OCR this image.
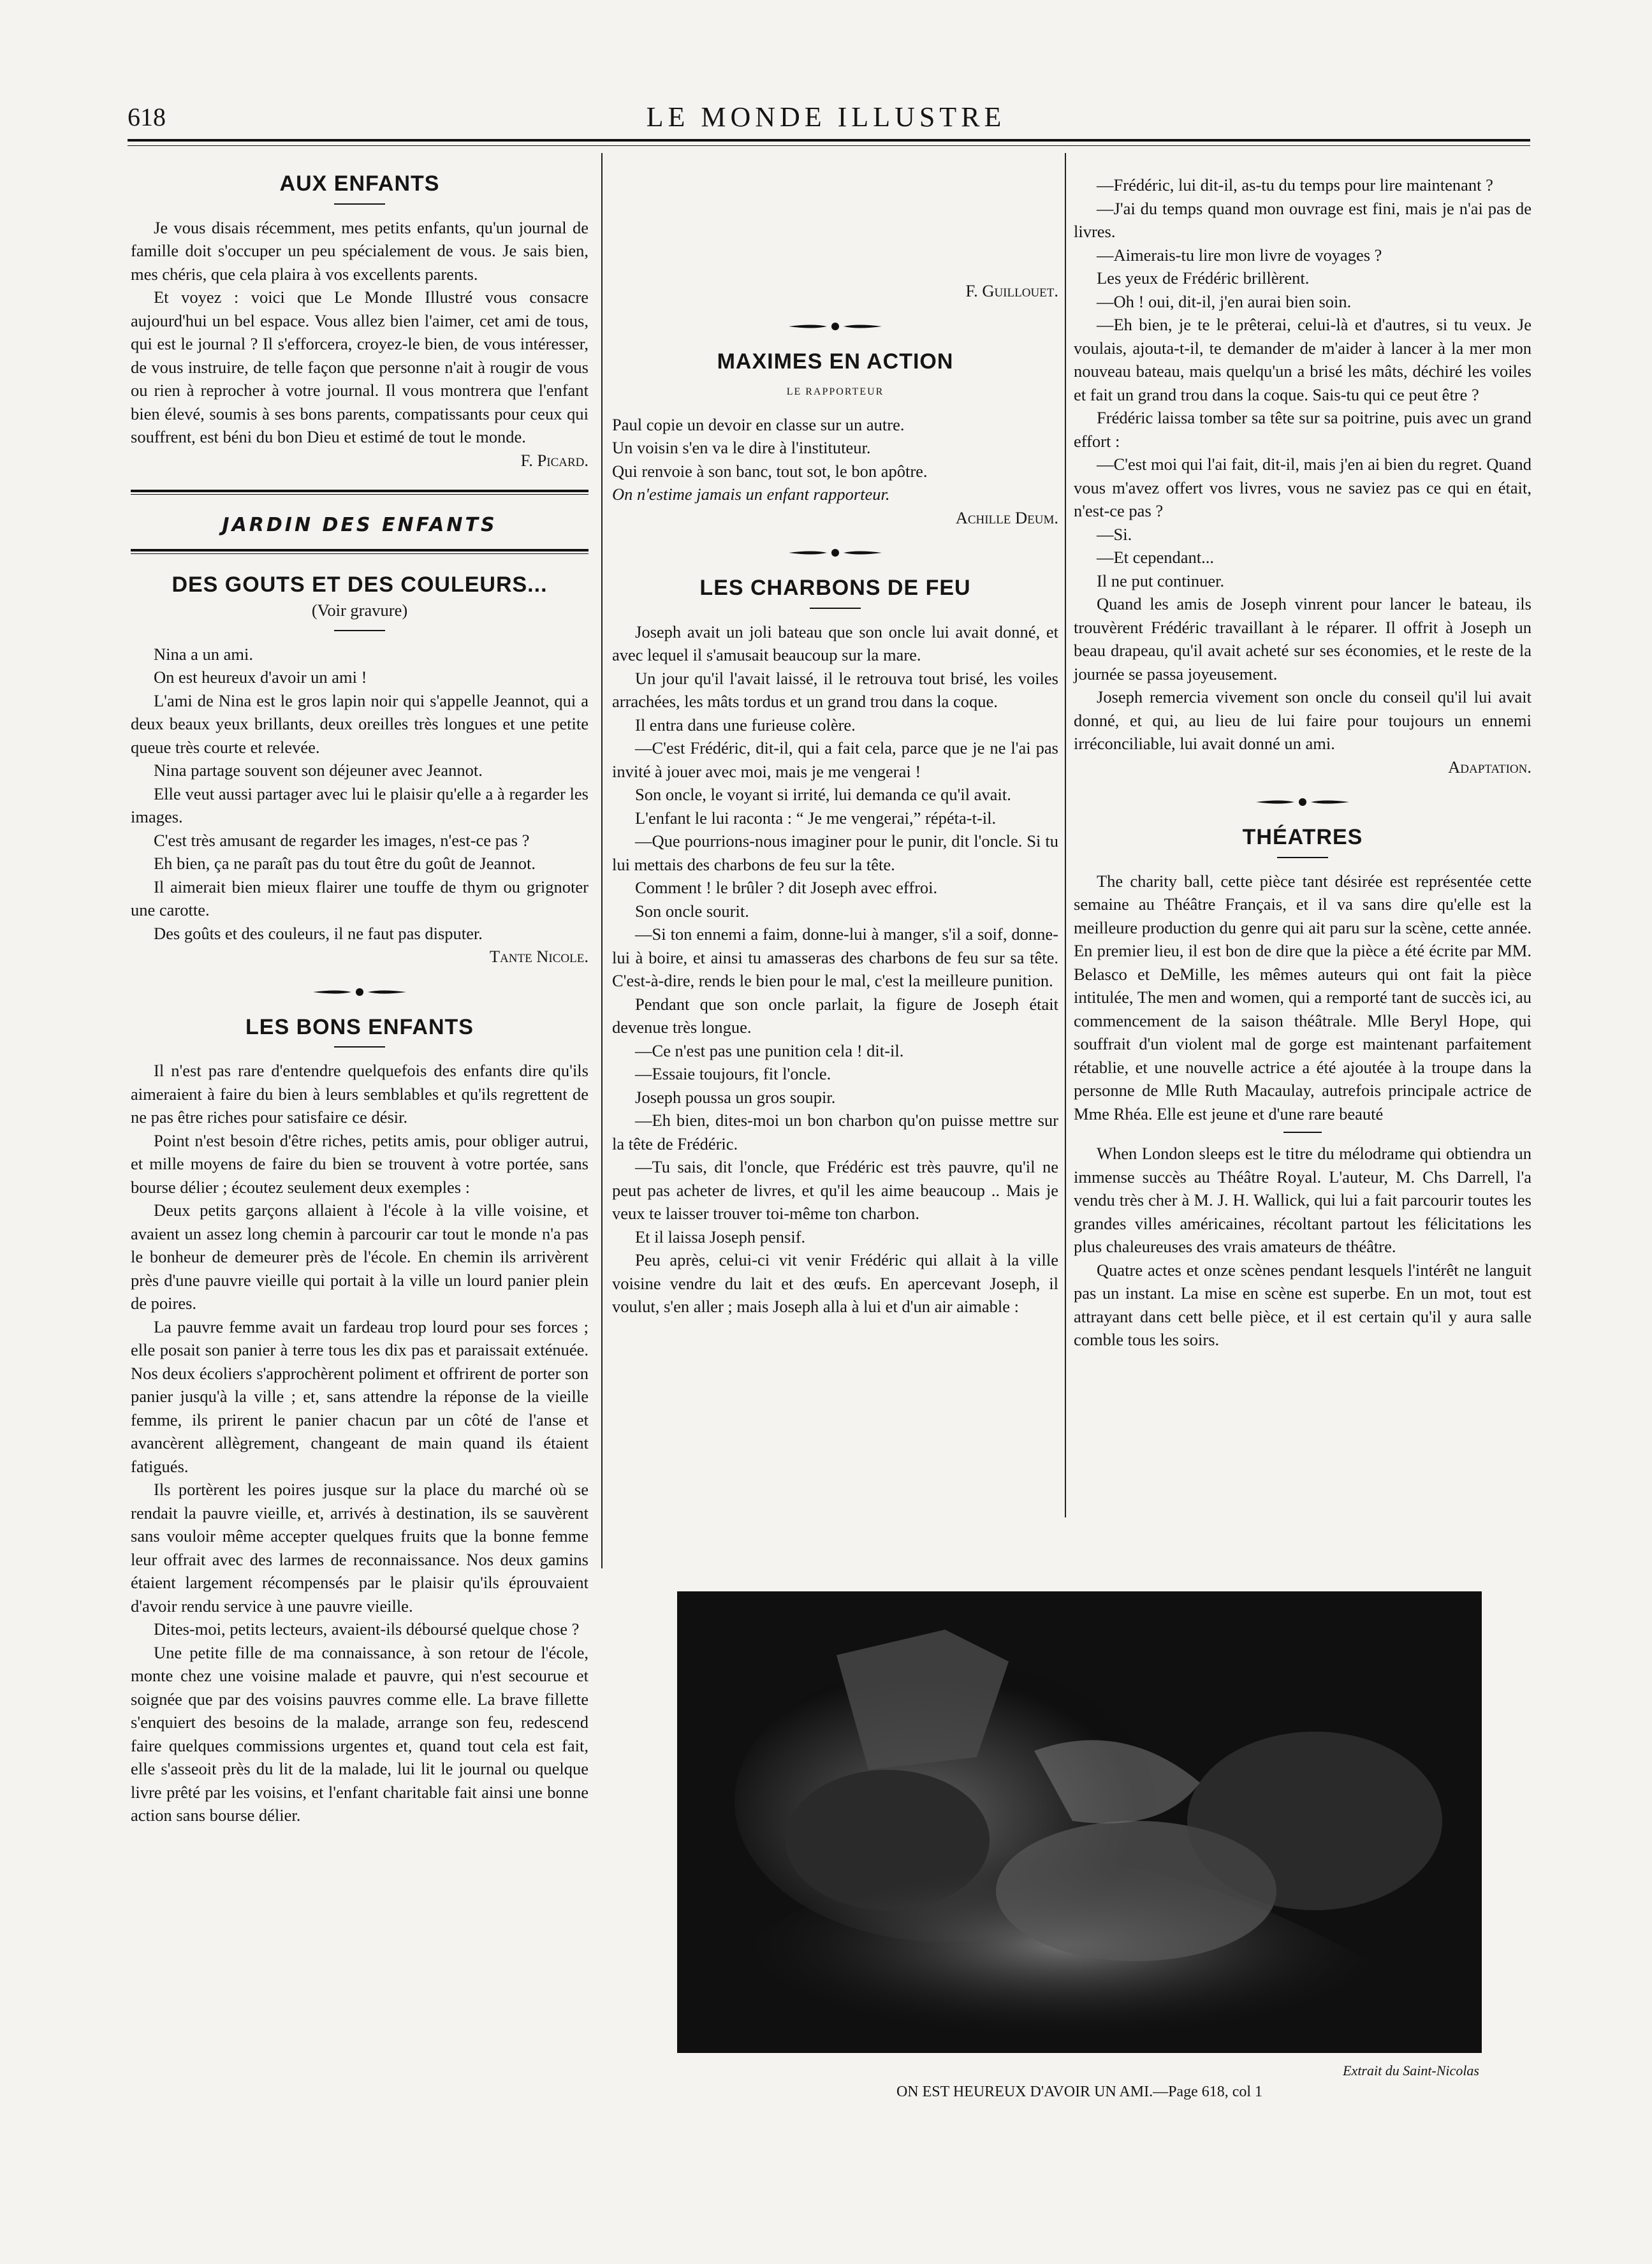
618	LE MONDE ILLUSTRE
AUX ENFANTS

Je vous disais récemment, mes petits enfants, qu'un journal de famille doit s'occuper un peu spécialement de vous. Je sais bien, mes chéris, que cela plaira à vos excellents parents.

Et voyez : voici que Le Monde Illustré vous consacre aujourd'hui un bel espace. Vous allez bien l'aimer, cet ami de tous, qui est le journal ? Il s'efforcera, croyez-le bien, de vous intéresser, de vous instruire, de telle façon que personne n'ait à rougir de vous ou rien à reprocher à votre journal. Il vous montrera que l'enfant bien élevé, soumis à ses bons parents, compatissants pour ceux qui souffrent, est béni du bon Dieu et estimé de tout le monde.

F. Picard.

JARDIN DES ENFANTS
DES GOUTS ET DES COULEURS...
(Voir gravure)

Nina a un ami.

On est heureux d'avoir un ami !

L'ami de Nina est le gros lapin noir qui s'appelle Jeannot, qui a deux beaux yeux brillants, deux oreilles très longues et une petite queue très courte et relevée.

Nina partage souvent son déjeuner avec Jeannot.

Elle veut aussi partager avec lui le plaisir qu'elle a à regarder les images.

C'est très amusant de regarder les images, n'est-ce pas ?

Eh bien, ça ne paraît pas du tout être du goût de Jeannot.

Il aimerait bien mieux flairer une touffe de thym ou grignoter une carotte.

Des goûts et des couleurs, il ne faut pas disputer.

Tante Nicole.

LES BONS ENFANTS

Il n'est pas rare d'entendre quelquefois des enfants dire qu'ils aimeraient à faire du bien à leurs semblables et qu'ils regrettent de ne pas être riches pour satisfaire ce désir.

Point n'est besoin d'être riches, petits amis, pour obliger autrui, et mille moyens de faire du bien se trouvent à votre portée, sans bourse délier ; écoutez seulement deux exemples :

Deux petits garçons allaient à l'école à la ville voisine, et avaient un assez long chemin à parcourir car tout le monde n'a pas le bonheur de demeurer près de l'école. En chemin ils arrivèrent près d'une pauvre vieille qui portait à la ville un lourd panier plein de poires.

La pauvre femme avait un fardeau trop lourd pour ses forces ; elle posait son panier à terre tous les dix pas et paraissait exténuée. Nos deux écoliers s'approchèrent poliment et offrirent de porter son panier jusqu'à la ville ; et, sans attendre la réponse de la vieille femme, ils prirent le panier chacun par un côté de l'anse et avancèrent allègrement, changeant de main quand ils étaient fatigués.

Ils portèrent les poires jusque sur la place du marché où se rendait la pauvre vieille, et, arrivés à destination, ils se sauvèrent sans vouloir même accepter quelques fruits que la bonne femme leur offrait avec des larmes de reconnaissance. Nos deux gamins étaient largement récompensés par le plaisir qu'ils éprouvaient d'avoir rendu service à une pauvre vieille.

Dites-moi, petits lecteurs, avaient-ils déboursé quelque chose ?

Une petite fille de ma connaissance, à son retour de l'école, monte chez une voisine malade et pauvre, qui n'est secourue et soignée que par des voisins pauvres comme elle. La brave fillette s'enquiert des besoins de la malade, arrange son feu, redescend faire quelques commissions urgentes et, quand tout cela est fait, elle s'asseoit près du lit de la malade, lui lit le journal ou quelque livre prêté par les voisins, et l'enfant charitable fait ainsi une bonne action sans bourse délier.

F. Guillouet.

MAXIMES EN ACTION
LE RAPPORTEUR

Paul copie un devoir en classe sur un autre.

Un voisin s'en va le dire à l'instituteur.

Qui renvoie à son banc, tout sot, le bon apôtre.

On n'estime jamais un enfant rapporteur.

Achille Deum.

LES CHARBONS DE FEU

Joseph avait un joli bateau que son oncle lui avait donné, et avec lequel il s'amusait beaucoup sur la mare.

Un jour qu'il l'avait laissé, il le retrouva tout brisé, les voiles arrachées, les mâts tordus et un grand trou dans la coque.

Il entra dans une furieuse colère.

—C'est Frédéric, dit-il, qui a fait cela, parce que je ne l'ai pas invité à jouer avec moi, mais je me vengerai !

Son oncle, le voyant si irrité, lui demanda ce qu'il avait.

L'enfant le lui raconta : “ Je me vengerai,” répéta-t-il.

—Que pourrions-nous imaginer pour le punir, dit l'oncle. Si tu lui mettais des charbons de feu sur la tête.

Comment ! le brûler ? dit Joseph avec effroi.

Son oncle sourit.

—Si ton ennemi a faim, donne-lui à manger, s'il a soif, donne-lui à boire, et ainsi tu amasseras des charbons de feu sur sa tête. C'est-à-dire, rends le bien pour le mal, c'est la meilleure punition.

Pendant que son oncle parlait, la figure de Joseph était devenue très longue.

—Ce n'est pas une punition cela ! dit-il.

—Essaie toujours, fit l'oncle.

Joseph poussa un gros soupir.

—Eh bien, dites-moi un bon charbon qu'on puisse mettre sur la tête de Frédéric.

—Tu sais, dit l'oncle, que Frédéric est très pauvre, qu'il ne peut pas acheter de livres, et qu'il les aime beaucoup .. Mais je veux te laisser trouver toi-même ton charbon.

Et il laissa Joseph pensif.

Peu après, celui-ci vit venir Frédéric qui allait à la ville voisine vendre du lait et des œufs. En apercevant Joseph, il voulut, s'en aller ; mais Joseph alla à lui et d'un air aimable :

—Frédéric, lui dit-il, as-tu du temps pour lire maintenant ?

—J'ai du temps quand mon ouvrage est fini, mais je n'ai pas de livres.

—Aimerais-tu lire mon livre de voyages ?

Les yeux de Frédéric brillèrent.

—Oh ! oui, dit-il, j'en aurai bien soin.

—Eh bien, je te le prêterai, celui-là et d'autres, si tu veux. Je voulais, ajouta-t-il, te demander de m'aider à lancer à la mer mon nouveau bateau, mais quelqu'un a brisé les mâts, déchiré les voiles et fait un grand trou dans la coque. Sais-tu qui ce peut être ?

Frédéric laissa tomber sa tête sur sa poitrine, puis avec un grand effort :

—C'est moi qui l'ai fait, dit-il, mais j'en ai bien du regret. Quand vous m'avez offert vos livres, vous ne saviez pas ce qui en était, n'est-ce pas ?

—Si.

—Et cependant...

Il ne put continuer.

Quand les amis de Joseph vinrent pour lancer le bateau, ils trouvèrent Frédéric travaillant à le réparer. Il offrit à Joseph un beau drapeau, qu'il avait acheté sur ses économies, et le reste de la journée se passa joyeusement.

Joseph remercia vivement son oncle du conseil qu'il lui avait donné, et qui, au lieu de lui faire pour toujours un ennemi irréconciliable, lui avait donné un ami.

Adaptation.

THÉATRES

The charity ball, cette pièce tant désirée est représentée cette semaine au Théâtre Français, et il va sans dire qu'elle est la meilleure production du genre qui ait paru sur la scène, cette année. En premier lieu, il est bon de dire que la pièce a été écrite par MM. Belasco et DeMille, les mêmes auteurs qui ont fait la pièce intitulée, The men and women, qui a remporté tant de succès ici, au commencement de la saison théâtrale. Mlle Beryl Hope, qui souffrait d'un violent mal de gorge est maintenant parfaitement rétablie, et une nouvelle actrice a été ajoutée à la troupe dans la personne de Mlle Ruth Macaulay, autrefois principale actrice de Mme Rhéa. Elle est jeune et d'une rare beauté

When London sleeps est le titre du mélodrame qui obtiendra un immense succès au Théâtre Royal. L'auteur, M. Chs Darrell, l'a vendu très cher à M. J. H. Wallick, qui lui a fait parcourir toutes les grandes villes américaines, récoltant partout les félicitations les plus chaleureuses des vrais amateurs de théâtre.

Quatre actes et onze scènes pendant lesquels l'intérêt ne languit pas un instant. La mise en scène est superbe. En un mot, tout est attrayant dans cett belle pièce, et il est certain qu'il y aura salle comble tous les soirs.

Extrait du Saint-Nicolas
ON EST HEUREUX D'AVOIR UN AMI.—Page 618, col 1
